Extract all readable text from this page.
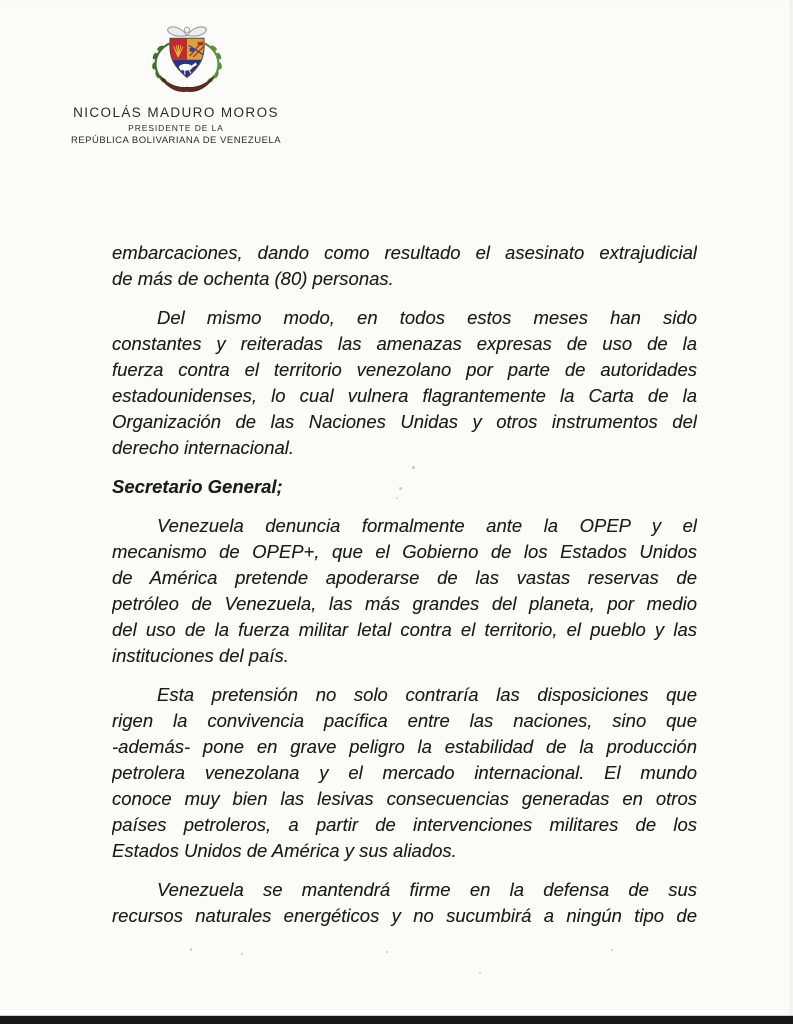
NICOLÁS MADURO MOROS
PRESIDENTE DE LA
REPÚBLICA BOLIVARIANA DE VENEZUELA
embarcaciones, dando como resultado el asesinato extrajudicial
de más de ochenta (80) personas.
Del mismo modo, en todos estos meses han sido
constantes y reiteradas las amenazas expresas de uso de la
fuerza contra el territorio venezolano por parte de autoridades
estadounidenses, lo cual vulnera flagrantemente la Carta de la
Organización de las Naciones Unidas y otros instrumentos del
derecho internacional.
Secretario General;
Venezuela denuncia formalmente ante la OPEP y el
mecanismo de OPEP+, que el Gobierno de los Estados Unidos
de América pretende apoderarse de las vastas reservas de
petróleo de Venezuela, las más grandes del planeta, por medio
del uso de la fuerza militar letal contra el territorio, el pueblo y las
instituciones del país.
Esta pretensión no solo contraría las disposiciones que
rigen la convivencia pacífica entre las naciones, sino que
-además- pone en grave peligro la estabilidad de la producción
petrolera venezolana y el mercado internacional. El mundo
conoce muy bien las lesivas consecuencias generadas en otros
países petroleros, a partir de intervenciones militares de los
Estados Unidos de América y sus aliados.
Venezuela se mantendrá firme en la defensa de sus
recursos naturales energéticos y no sucumbirá a ningún tipo de
